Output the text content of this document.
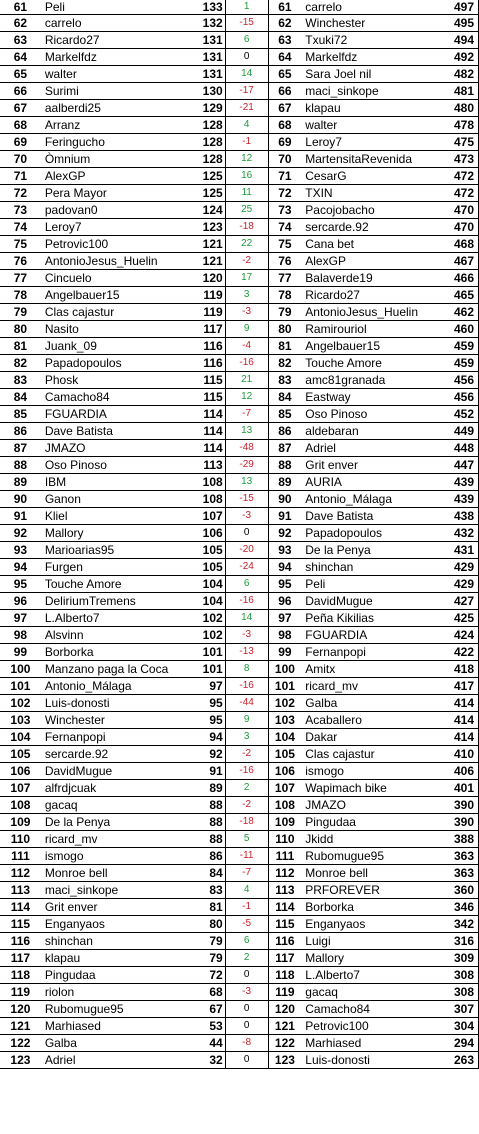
61	Peli	133	1	61	carrelo	497
62	carrelo	132	-15	62	Winchester	495
63	Ricardo27	131	6	63	Txuki72	494
64	Markelfdz	131	0	64	Markelfdz	492
65	walter	131	14	65	Sara Joel nil	482
66	Surimi	130	-17	66	maci_sinkope	481
67	aalberdi25	129	-21	67	klapau	480
68	Arranz	128	4	68	walter	478
69	Feringucho	128	-1	69	Leroy7	475
70	Òmnium	128	12	70	MartensitaRevenida	473
71	AlexGP	125	16	71	CesarG	472
72	Pera Mayor	125	11	72	TXIN	472
73	padovan0	124	25	73	Pacojobacho	470
74	Leroy7	123	-18	74	sercarde.92	470
75	Petrovic100	121	22	75	Cana bet	468
76	AntonioJesus_Huelin	121	-2	76	AlexGP	467
77	Cincuelo	120	17	77	Balaverde19	466
78	Angelbauer15	119	3	78	Ricardo27	465
79	Clas cajastur	119	-3	79	AntonioJesus_Huelin	462
80	Nasito	117	9	80	Ramirouriol	460
81	Juank_09	116	-4	81	Angelbauer15	459
82	Papadopoulos	116	-16	82	Touche Amore	459
83	Phosk	115	21	83	amc81granada	456
84	Camacho84	115	12	84	Eastway	456
85	FGUARDIA	114	-7	85	Oso Pinoso	452
86	Dave Batista	114	13	86	aldebaran	449
87	JMAZO	114	-48	87	Adriel	448
88	Oso Pinoso	113	-29	88	Grit enver	447
89	IBM	108	13	89	AURIA	439
90	Ganon	108	-15	90	Antonio_Málaga	439
91	Kliel	107	-3	91	Dave Batista	438
92	Mallory	106	0	92	Papadopoulos	432
93	Marioarias95	105	-20	93	De la Penya	431
94	Furgen	105	-24	94	shinchan	429
95	Touche Amore	104	6	95	Peli	429
96	DeliriumTremens	104	-16	96	DavidMugue	427
97	L.Alberto7	102	14	97	Peña Kikilias	425
98	Alsvinn	102	-3	98	FGUARDIA	424
99	Borborka	101	-13	99	Fernanpopi	422
100	Manzano paga la Coca	101	8	100	Amitx	418
101	Antonio_Málaga	97	-16	101	ricard_mv	417
102	Luis-donosti	95	-44	102	Galba	414
103	Winchester	95	9	103	Acaballero	414
104	Fernanpopi	94	3	104	Dakar	414
105	sercarde.92	92	-2	105	Clas cajastur	410
106	DavidMugue	91	-16	106	ismogo	406
107	alfrdjcuak	89	2	107	Wapimach bike	401
108	gacaq	88	-2	108	JMAZO	390
109	De la Penya	88	-18	109	Pingudaa	390
110	ricard_mv	88	5	110	Jkidd	388
111	ismogo	86	-11	111	Rubomugue95	363
112	Monroe bell	84	-7	112	Monroe bell	363
113	maci_sinkope	83	4	113	PRFOREVER	360
114	Grit enver	81	-1	114	Borborka	346
115	Enganyaos	80	-5	115	Enganyaos	342
116	shinchan	79	6	116	Luigi	316
117	klapau	79	2	117	Mallory	309
118	Pingudaa	72	0	118	L.Alberto7	308
119	riolon	68	-3	119	gacaq	308
120	Rubomugue95	67	0	120	Camacho84	307
121	Marhiased	53	0	121	Petrovic100	304
122	Galba	44	-8	122	Marhiased	294
123	Adriel	32	0	123	Luis-donosti	263
